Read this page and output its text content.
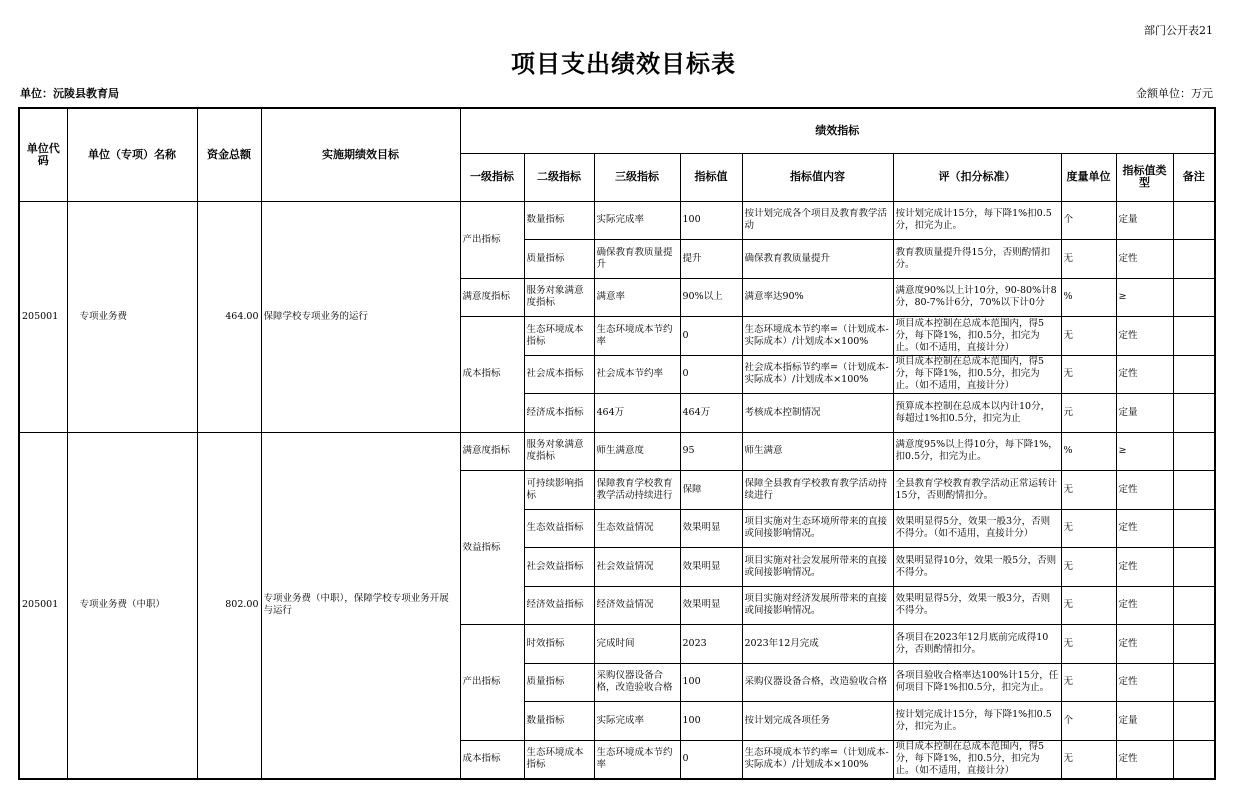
部门公开表21
项目支出绩效目标表
单位：沅陵县教育局	金额单位：万元
单位代码	单位（专项）名称	资金总额	实施期绩效目标	绩效指标								
				一级指标	二级指标	三级指标	指标值	指标值内容	评（扣分标准）	度量单位	指标值类型	备注

205001	专项业务费	464.00	保障学校专项业务的运行	产出指标	数量指标	实际完成率	100	按计划完成各个项目及教育教学活动	按计划完成计15分，每下降1%扣0.5分，扣完为止。	个	定量	

					质量指标	确保教育教质量提升	提升	确保教育教质量提升	教育教质量提升得15分，否则酌情扣分。	无	定性	

				满意度指标	服务对象满意度指标	满意率	90%以上	满意率达90%	满意度90%以上计10分，90-80%计8分，80-7%计6分，70%以下计0分	%	≥	

				成本指标	生态环境成本指标	生态环境成本节约率	0	生态环境成本节约率=（计划成本-实际成本）/计划成本×100%	项目成本控制在总成本范围内，得5分，每下降1%，扣0.5分，扣完为止。（如不适用，直接计分）	无	定性	

					社会成本指标	社会成本节约率	0	社会成本指标节约率=（计划成本-实际成本）/计划成本×100%	项目成本控制在总成本范围内，得5分，每下降1%，扣0.5分，扣完为止。（如不适用，直接计分）	无	定性	

					经济成本指标	464万	464万	考核成本控制情况	预算成本控制在总成本以内计10分，每超过1%扣0.5分，扣完为止	元	定量	

205001	专项业务费（中职）	802.00	专项业务费（中职），保障学校专项业务开展与运行	满意度指标	服务对象满意度指标	师生满意度	95	师生满意	满意度95%以上得10分，每下降1%，扣0.5分，扣完为止。	%	≥	

				效益指标	可持续影响指标	保障教育学校教育教学活动持续进行	保障	保障全县教育学校教育教学活动持续进行	全县教育学校教育教学活动正常运转计15分，否则酌情扣分。	无	定性	

					生态效益指标	生态效益情况	效果明显	项目实施对生态环境所带来的直接或间接影响情况。	效果明显得5分，效果一般3分，否则不得分。（如不适用，直接计分）	无	定性	

					社会效益指标	社会效益情况	效果明显	项目实施对社会发展所带来的直接或间接影响情况。	效果明显得10分，效果一般5分，否则不得分。	无	定性	

					经济效益指标	经济效益情况	效果明显	项目实施对经济发展所带来的直接或间接影响情况。	效果明显得5分，效果一般3分，否则不得分。	无	定性	

				产出指标	时效指标	完成时间	2023	2023年12月完成	各项目在2023年12月底前完成得10分，否则酌情扣分。	无	定性	

					质量指标	采购仪器设备合格，改造验收合格	100	采购仪器设备合格，改造验收合格	各项目验收合格率达100%计15分，任何项目下降1%扣0.5分，扣完为止。	无	定性	

					数量指标	实际完成率	100	按计划完成各项任务	按计划完成计15分，每下降1%扣0.5分，扣完为止。	个	定量	

				成本指标	生态环境成本指标	生态环境成本节约率	0	生态环境成本节约率=（计划成本-实际成本）/计划成本×100%	项目成本控制在总成本范围内，得5分，每下降1%，扣0.5分，扣完为止。（如不适用，直接计分）	无	定性	
